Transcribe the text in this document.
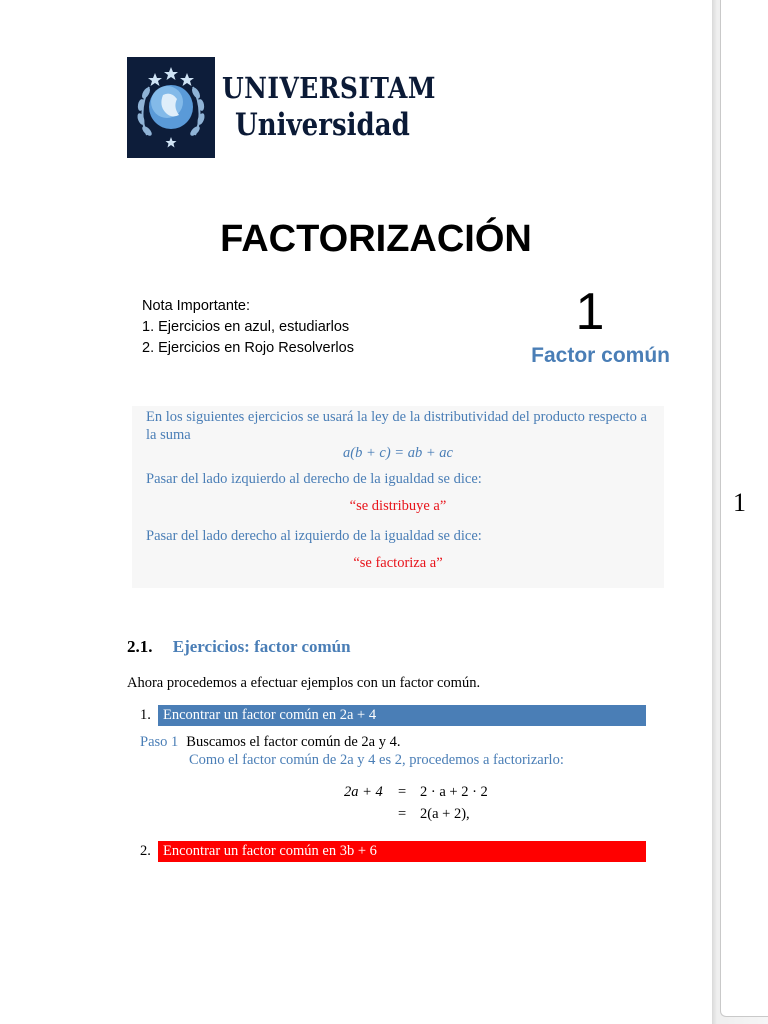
1
UNIVERSITAM
Universidad
FACTORIZACIÓN
Nota Importante:
1. Ejercicios en azul, estudiarlos
2. Ejercicios en Rojo Resolverlos
1
Factor común
En los siguientes ejercicios se usará la ley de la distributividad del producto respecto a
la suma
a(b + c) = ab + ac
Pasar del lado izquierdo al derecho de la igualdad se dice:
“se distribuye a”
Pasar del lado derecho al izquierdo de la igualdad se dice:
“se factoriza a”
2.1. Ejercicios: factor común
Ahora procedemos a efectuar ejemplos con un factor común.
1. Encontrar un factor común en 2a + 4
Paso 1 Buscamos el factor común de 2a y 4.
Como el factor común de 2a y 4 es 2, procedemos a factorizarlo:
2a + 4 = 2 · a + 2 · 2
= 2(a + 2),
2. Encontrar un factor común en 3b + 6
